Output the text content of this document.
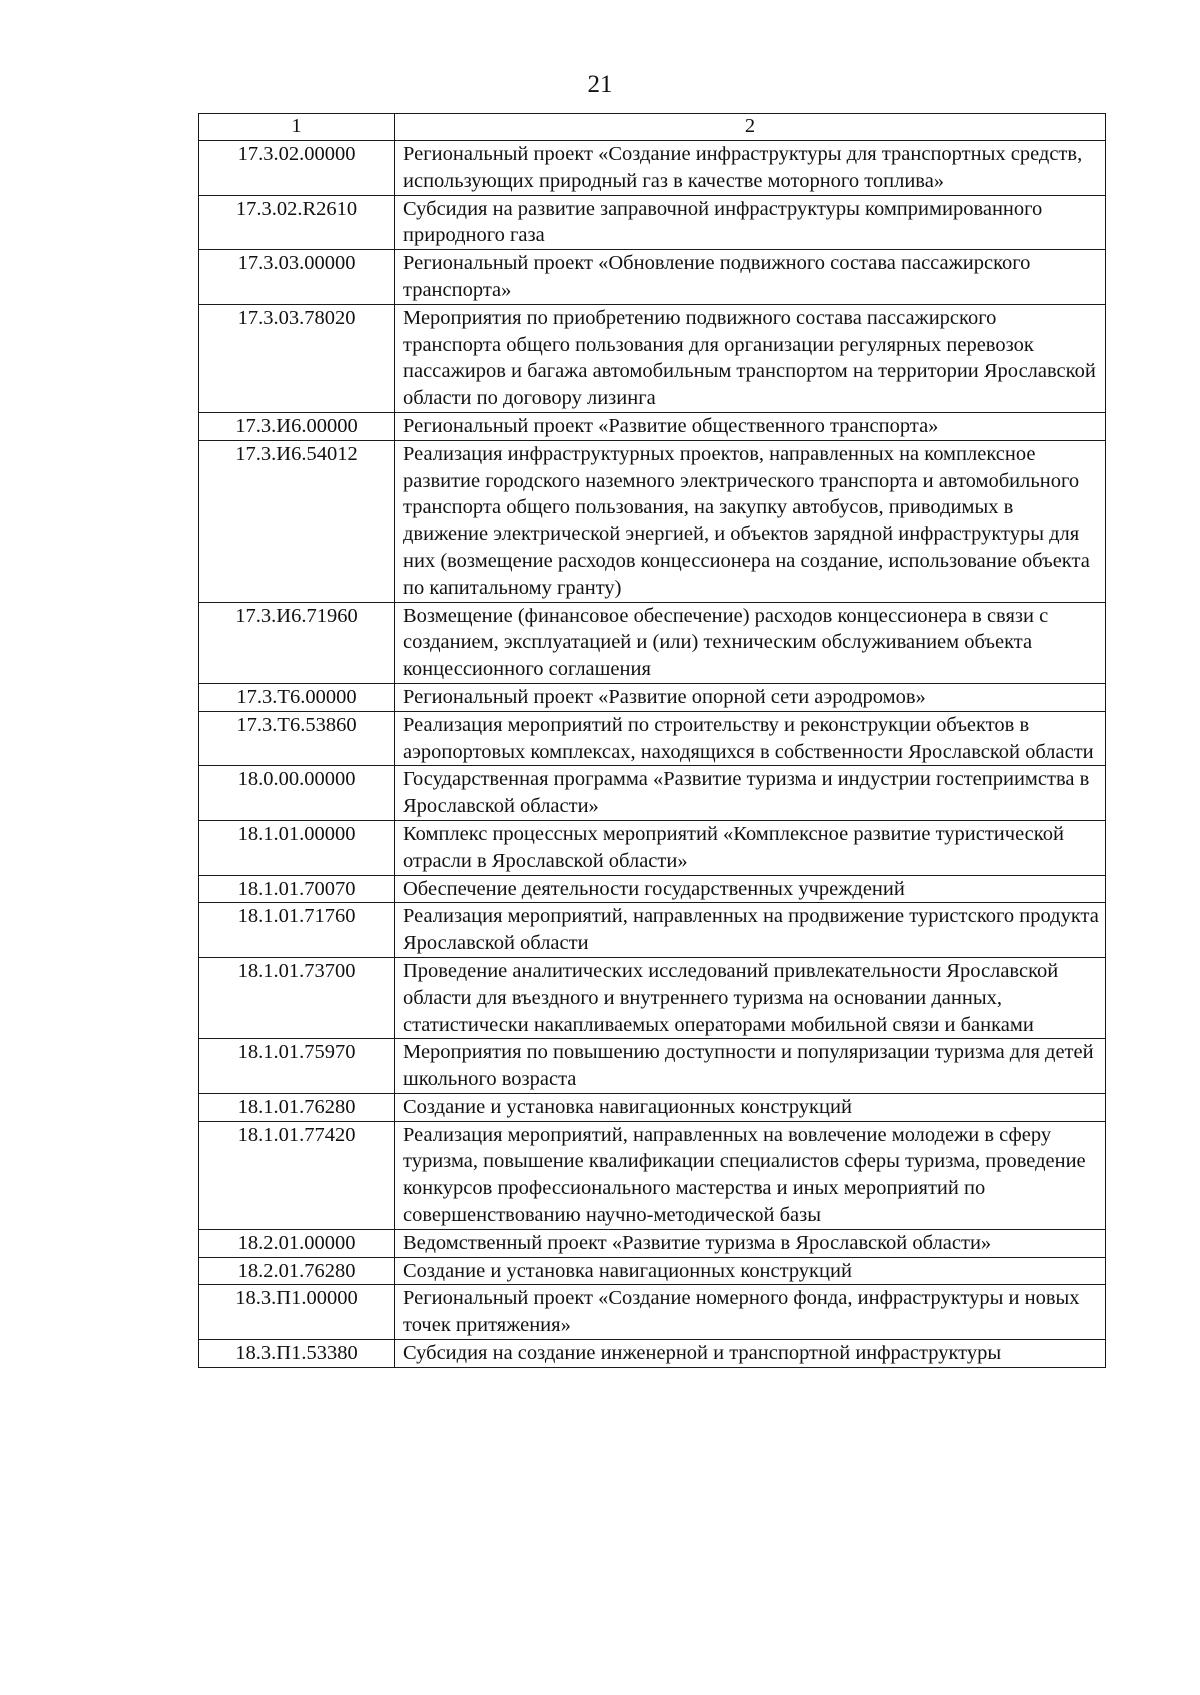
21
1	2
17.3.02.00000	Региональный проект «Создание инфраструктуры для транспортных средств, использующих природный газ в качестве моторного топлива»
17.3.02.R2610	Субсидия на развитие заправочной инфраструктуры компримированного природного газа
17.3.03.00000	Региональный проект «Обновление подвижного состава пассажирского транспорта»
17.3.03.78020	Мероприятия по приобретению подвижного состава пассажирского транспорта общего пользования для организации регулярных перевозок пассажиров и багажа автомобильным транспортом на территории Ярославской области по договору лизинга
17.3.И6.00000	Региональный проект «Развитие общественного транспорта»
17.3.И6.54012	Реализация инфраструктурных проектов, направленных на комплексное развитие городского наземного электрического транспорта и автомобильного транспорта общего пользования, на закупку автобусов, приводимых в движение электрической энергией, и объектов зарядной инфраструктуры для них (возмещение расходов концессионера на создание, использование объекта по капитальному гранту)
17.3.И6.71960	Возмещение (финансовое обеспечение) расходов концессионера в связи с созданием, эксплуатацией и (или) техническим обслуживанием объекта концессионного соглашения
17.3.Т6.00000	Региональный проект «Развитие опорной сети аэродромов»
17.3.Т6.53860	Реализация мероприятий по строительству и реконструкции объектов в аэропортовых комплексах, находящихся в собственности Ярославской области
18.0.00.00000	Государственная программа «Развитие туризма и индустрии гостеприимства в Ярославской области»
18.1.01.00000	Комплекс процессных мероприятий «Комплексное развитие туристической отрасли в Ярославской области»
18.1.01.70070	Обеспечение деятельности государственных учреждений
18.1.01.71760	Реализация мероприятий, направленных на продвижение туристского продукта Ярославской области
18.1.01.73700	Проведение аналитических исследований привлекательности Ярославской области для въездного и внутреннего туризма на основании данных, статистически накапливаемых операторами мобильной связи и банками
18.1.01.75970	Мероприятия по повышению доступности и популяризации туризма для детей школьного возраста
18.1.01.76280	Создание и установка навигационных конструкций
18.1.01.77420	Реализация мероприятий, направленных на вовлечение молодежи в сферу туризма, повышение квалификации специалистов сферы туризма, проведение конкурсов профессионального мастерства и иных мероприятий по совершенствованию научно-методической базы
18.2.01.00000	Ведомственный проект «Развитие туризма в Ярославской области»
18.2.01.76280	Создание и установка навигационных конструкций
18.3.П1.00000	Региональный проект «Создание номерного фонда, инфраструктуры и новых точек притяжения»
18.3.П1.53380	Субсидия на создание инженерной и транспортной инфраструктуры
